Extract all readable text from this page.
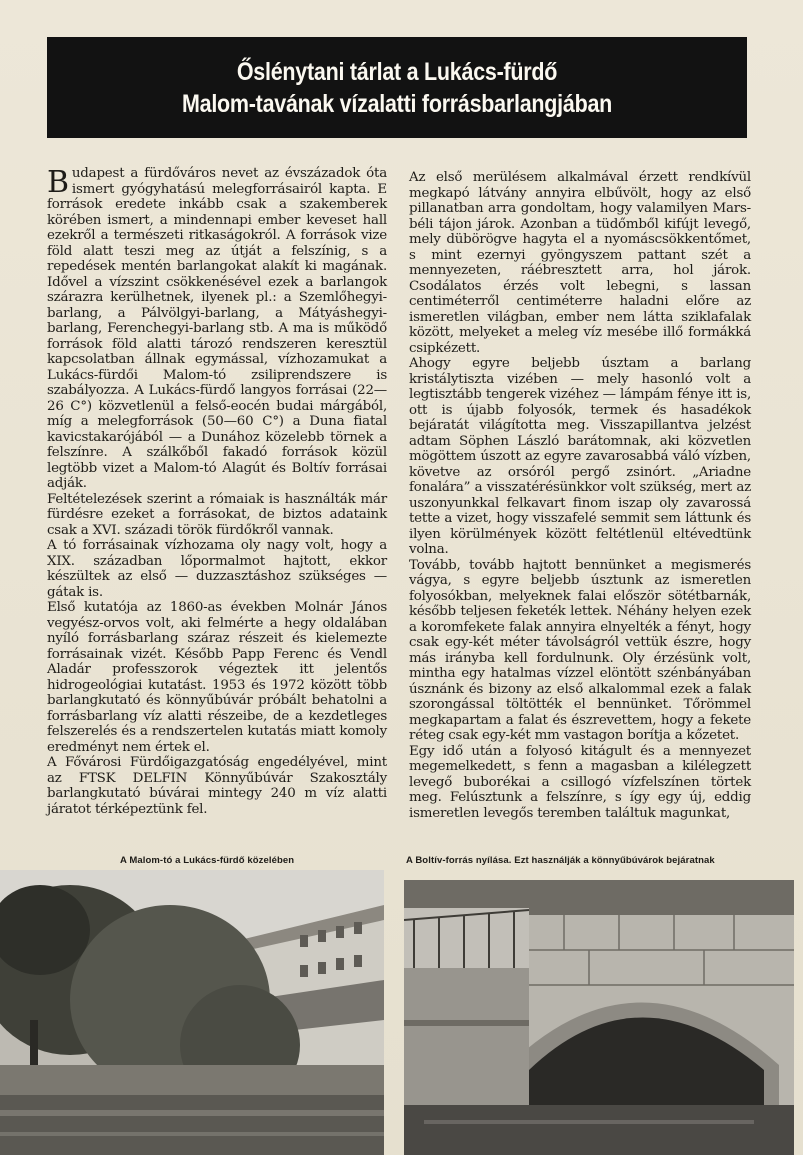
Őslénytani tárlat a Lukács-fürdő
Malom-tavának vízalatti forrásbarlangjában
B udapest a fürdőváros nevet az évszázadok óta ismert gyógyhatású melegforrásairól kapta. E források eredete inkább csak a szakemberek körében ismert, a mindennapi ember keveset hall ezekről a természeti ritkaságokról. A források vize föld alatt teszi meg az útját a felszínig, s a repedések mentén barlangokat alakít ki magának. Idővel a vízszint csökkenésével ezek a barlangok szárazra kerülhetnek, ilyenek pl.: a Szemlőhegyi-barlang, a Pálvölgyi-barlang, a Mátyáshegyi-barlang, Ferenchegyi-barlang stb. A ma is működő források föld alatti tározó rendszeren keresztül kapcsolatban állnak egymással, vízhozamukat a Lukács-fürdői Malom-tó zsiliprendszere is szabályozza. A Lukács-fürdő langyos forrásai (22—26 C°) közvetlenül a felső-eocén budai márgából, míg a melegforrások (50—60 C°) a Duna fiatal kavicstakarójából — a Dunához közelebb törnek a felszínre. A szálkőből fakadó források közül legtöbb vizet a Malom-tó Alagút és Boltív forrásai adják.

Feltételezések szerint a rómaiak is használták már fürdésre ezeket a forrásokat, de biztos adataink csak a XVI. századi török fürdőkről vannak.

A tó forrásainak vízhozama oly nagy volt, hogy a XIX. században lőpormalmot hajtott, ekkor készültek az első — duzzasztáshoz szükséges — gátak is.

Első kutatója az 1860-as években Molnár János vegyész-orvos volt, aki felmérte a hegy oldalában nyíló forrásbarlang száraz részeit és kielemezte forrásainak vizét. Később Papp Ferenc és Vendl Aladár professzorok végeztek itt jelentős hidrogeológiai kutatást. 1953 és 1972 között több barlangkutató és könnyűbúvár próbált behatolni a forrásbarlang víz alatti részeibe, de a kezdetleges felszerelés és a rendszertelen kutatás miatt komoly eredményt nem értek el.

A Fővárosi Fürdőigazgatóság engedélyével, mint az FTSK DELFIN Könnyűbúvár Szakosztály barlangkutató búvárai mintegy 240 m víz alatti járatot térképeztünk fel.

Az első merülésem alkalmával érzett rendkívül megkapó látvány annyira elbűvölt, hogy az első pillanatban arra gondoltam, hogy valamilyen Mars-béli tájon járok. Azonban a tüdőmből kifújt levegő, mely dübörögve hagyta el a nyomáscsökkentőmet, s mint ezernyi gyöngyszem pattant szét a mennyezeten, ráébresztett arra, hol járok. Csodálatos érzés volt lebegni, s lassan centiméterről centiméterre haladni előre az ismeretlen világban, ember nem látta sziklafalak között, melyeket a meleg víz mesébe illő formákká csipkézett.

Ahogy egyre beljebb úsztam a barlang kristálytiszta vizében — mely hasonló volt a legtisztább tengerek vizéhez — lámpám fénye itt is, ott is újabb folyosók, termek és hasadékok bejáratát világította meg. Visszapillantva jelzést adtam Söphen László barátomnak, aki közvetlen mögöttem úszott az egyre zavarosabbá váló vízben, követve az orsóról pergő zsinórt. „Ariadne fonalára” a visszatérésünkkor volt szükség, mert az uszonyunkkal felkavart finom iszap oly zavarossá tette a vizet, hogy visszafelé semmit sem láttunk és ilyen körülmények között feltétlenül eltévedtünk volna.

Tovább, tovább hajtott bennünket a megismerés vágya, s egyre beljebb úsztunk az ismeretlen folyosókban, melyeknek falai először sötétbarnák, később teljesen feketék lettek. Néhány helyen ezek a koromfekete falak annyira elnyelték a fényt, hogy csak egy-két méter távolságról vettük észre, hogy más irányba kell fordulnunk. Oly érzésünk volt, mintha egy hatalmas vízzel elöntött szénbányában úsznánk és bizony az első alkalommal ezek a falak szorongással töltötték el bennünket. Tőrömmel megkapartam a falat és észrevettem, hogy a fekete réteg csak egy-két mm vastagon borítja a kőzetet.

Egy idő után a folyosó kitágult és a mennyezet megemelkedett, s fenn a magasban a kilélegzett levegő buborékai a csillogó vízfelszínen törtek meg. Felúsztunk a felszínre, s így egy új, eddig ismeretlen levegős teremben találtuk magunkat,

A Malom-tó a Lukács-fürdő közelében	A Boltív-forrás nyílása. Ezt használják a könnyűbúvárok bejáratnak
